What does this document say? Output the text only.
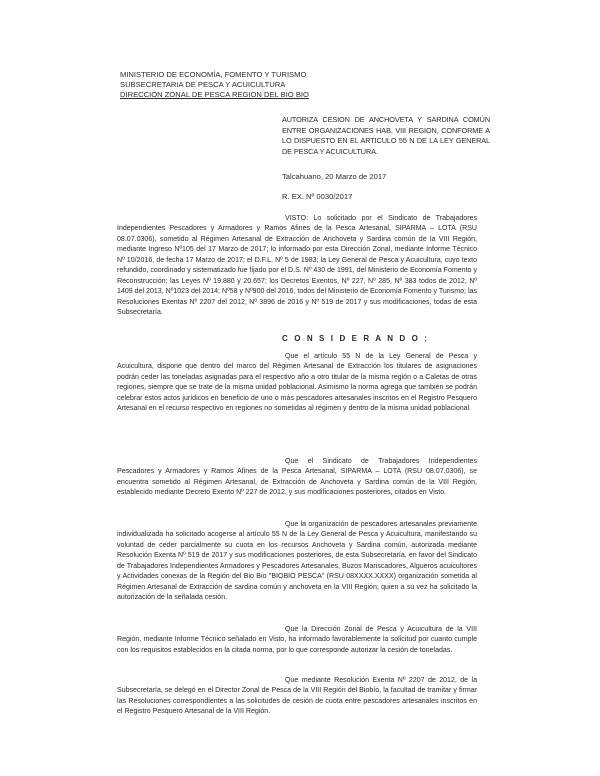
MINISTERIO DE ECONOMÍA, FOMENTO Y TURISMO
SUBSECRETARIA DE PESCA Y ACUICULTURA
DIRECCION ZONAL DE PESCA REGION DEL BIO BIO
AUTORIZA CESION DE ANCHOVETA Y SARDINA COMÚN ENTRE ORGANIZACIONES HAB. VIII REGION, CONFORME A LO DISPUESTO EN EL ARTICULO 55 N DE LA LEY GENERAL DE PESCA Y ACUICULTURA.
Talcahuano, 20 Marzo de 2017
R. EX. Nº 0030/2017
VISTO: Lo solicitado por el Sindicato de Trabajadores Independientes Pescadores y Armadores y Ramos Afines de la Pesca Artesanal, SIPARMA – LOTA (RSU 08.07.0306), sometido al Régimen Artesanal de Extracción de Anchoveta y Sardina común de la VIII Región, mediante Ingreso Nº105 del 17 Marzo de 2017; lo informado por esta Dirección Zonal, mediante Informe Técnico Nº 10/2016, de fecha 17 Marzo de 2017; el D.F.L. Nº 5 de 1983; la Ley General de Pesca y Acuicultura, cuyo texto refundido, coordinado y sistematizado fue fijado por el D.S. Nº 430 de 1991, del Ministerio de Economía Fomento y Reconstrucción; las Leyes Nº 19.880 y 20.657; los Decretos Exentos, Nº 227, Nº 285, Nº 383 todos de 2012, Nº 1409 del 2013, Nº1023 del 2014; Nº58 y Nº900 del 2016, todos del Ministerio de Economía Fomento y Turismo; las Resoluciones Exentas Nº 2207 del 2012, Nº 3896 de 2016 y Nº 519 de 2017 y sus modificaciones, todas de esta Subsecretaría.
C O N S I D E R A N D O :
Que el artículo 55 N de la Ley General de Pesca y Acuicultura, dispone que dentro del marco del Régimen Artesanal de Extracción los titulares de asignaciones podrán ceder las toneladas asignadas para el respectivo año a otro titular de la misma región o a Caletas de otras regiones, siempre que se trate de la misma unidad poblacional. Asimismo la norma agrega que también se podrán celebrar estos actos jurídicos en beneficio de uno o más pescadores artesanales inscritos en el Registro Pesquero Artesanal en el recurso respectivo en regiones no sometidas al régimen y dentro de la misma unidad poblacional.
Que el Sindicato de Trabajadores Independientes Pescadores y Armadores y Ramos Afines de la Pesca Artesanal, SIPARMA – LOTA (RSU 08.07.0306), se encuentra sometido al Régimen Artesanal, de Extracción de Anchoveta y Sardina común de la VIII Región, establecido mediante Decreto Exento Nº 227 de 2012, y sus modificaciones posteriores, citados en Visto.
Que la organización de pescadores artesanales previamente individualizada ha solicitado acogerse al artículo 55 N de la Ley General de Pesca y Acuicultura, manifestando su voluntad de ceder parcialmente su cuota en los recursos Anchoveta y Sardina común, autorizada mediante Resolución Exenta Nº 519 de 2017 y sus modificaciones posteriores, de esta Subsecretaría, en favor del Sindicato de Trabajadores Independientes Armadores y Pescadores Artesanales, Buzos Mariscadores, Algueros acuicultores y Actividades conexas de la Región del Bio Bio "BIOBIO PESCA" (RSU 08XXXX.XXXX) organización sometida al Régimen Artesanal de Extracción de sardina común y anchoveta en la VIII Región; quien a su vez ha solicitado la autorización de la señalada cesión.
Que la Dirección Zonal de Pesca y Acuicultura de la VIII Región, mediante Informe Técnico señalado en Visto, ha informado favorablemente la solicitud por cuanto cumple con los requisitos establecidos en la citada norma, por lo que corresponde autorizar la cesión de toneladas.
Que mediante Resolución Exenta Nº 2207 de 2012, de la Subsecretaría, se delegó en el Director Zonal de Pesca de la VIII Región del Biobío, la facultad de tramitar y firmar las Resoluciones correspondientes a las solicitudes de cesión de cuota entre pescadores artesanales inscritos en el Registro Pesquero Artesanal de la VIII Región.
